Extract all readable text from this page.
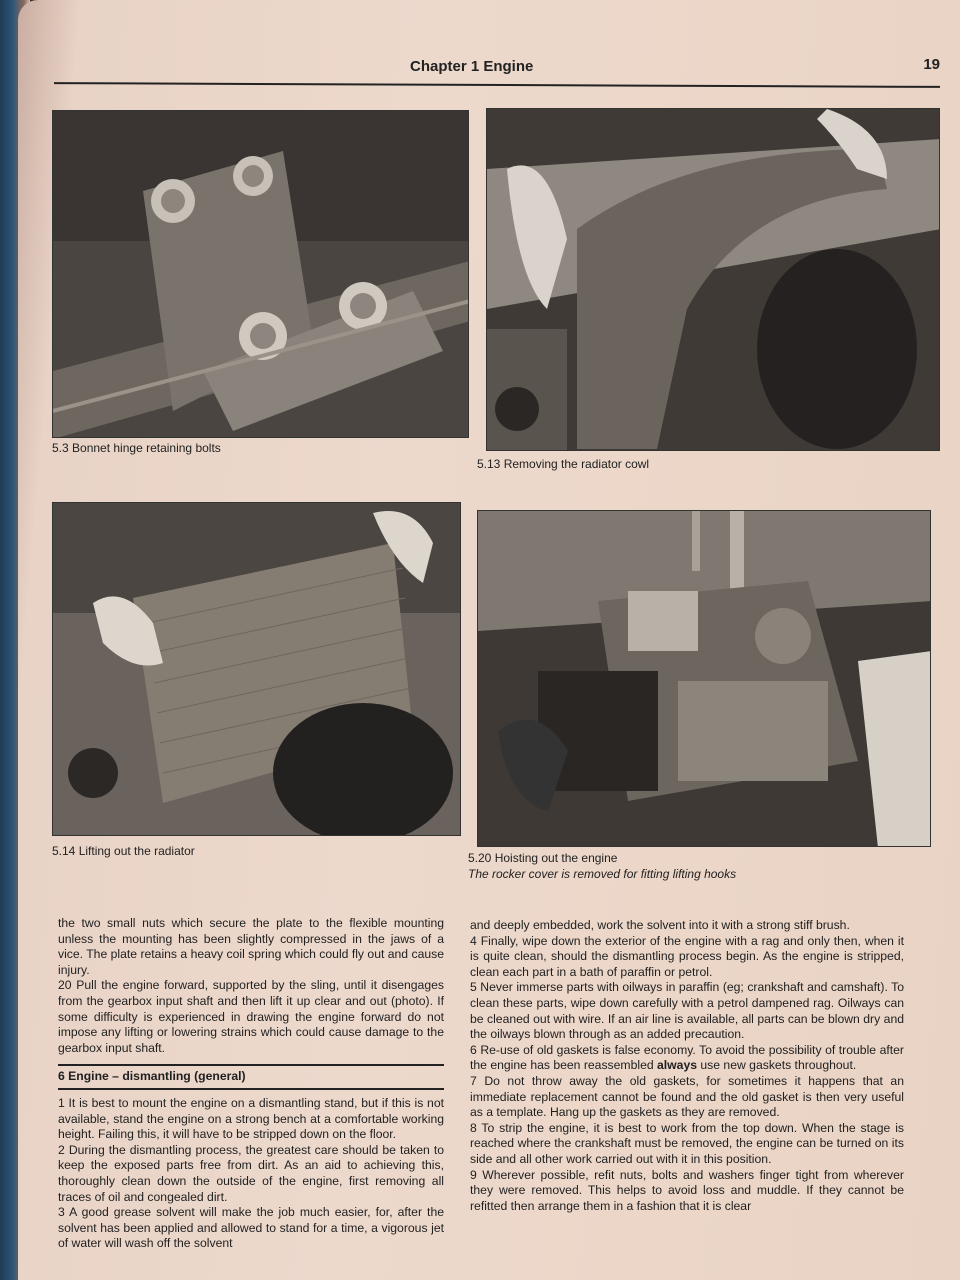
Chapter 1 Engine	19
5.3 Bonnet hinge retaining bolts
5.13 Removing the radiator cowl
5.14 Lifting out the radiator	5.20 Hoisting out the engine
The rocker cover is removed for fitting lifting hooks

the two small nuts which secure the plate to the flexible mounting unless the mounting has been slightly compressed in the jaws of a vice. The plate retains a heavy coil spring which could fly out and cause injury.

20 Pull the engine forward, supported by the sling, until it disengages from the gearbox input shaft and then lift it up clear and out (photo). If some difficulty is experienced in drawing the engine forward do not impose any lifting or lowering strains which could cause damage to the gearbox input shaft.

6 Engine – dismantling (general)

1 It is best to mount the engine on a dismantling stand, but if this is not available, stand the engine on a strong bench at a comfortable working height. Failing this, it will have to be stripped down on the floor.

2 During the dismantling process, the greatest care should be taken to keep the exposed parts free from dirt. As an aid to achieving this, thoroughly clean down the outside of the engine, first removing all traces of oil and congealed dirt.

3 A good grease solvent will make the job much easier, for, after the solvent has been applied and allowed to stand for a time, a vigorous jet of water will wash off the solvent

and deeply embedded, work the solvent into it with a strong stiff brush.

4 Finally, wipe down the exterior of the engine with a rag and only then, when it is quite clean, should the dismantling process begin. As the engine is stripped, clean each part in a bath of paraffin or petrol.

5 Never immerse parts with oilways in paraffin (eg; crankshaft and camshaft). To clean these parts, wipe down carefully with a petrol dampened rag. Oilways can be cleaned out with wire. If an air line is available, all parts can be blown dry and the oilways blown through as an added precaution.

6 Re-use of old gaskets is false economy. To avoid the possibility of trouble after the engine has been reassembled always use new gaskets throughout.

7 Do not throw away the old gaskets, for sometimes it happens that an immediate replacement cannot be found and the old gasket is then very useful as a template. Hang up the gaskets as they are removed.

8 To strip the engine, it is best to work from the top down. When the stage is reached where the crankshaft must be removed, the engine can be turned on its side and all other work carried out with it in this position.

9 Wherever possible, refit nuts, bolts and washers finger tight from wherever they were removed. This helps to avoid loss and muddle. If they cannot be refitted then arrange them in a fashion that it is clear
